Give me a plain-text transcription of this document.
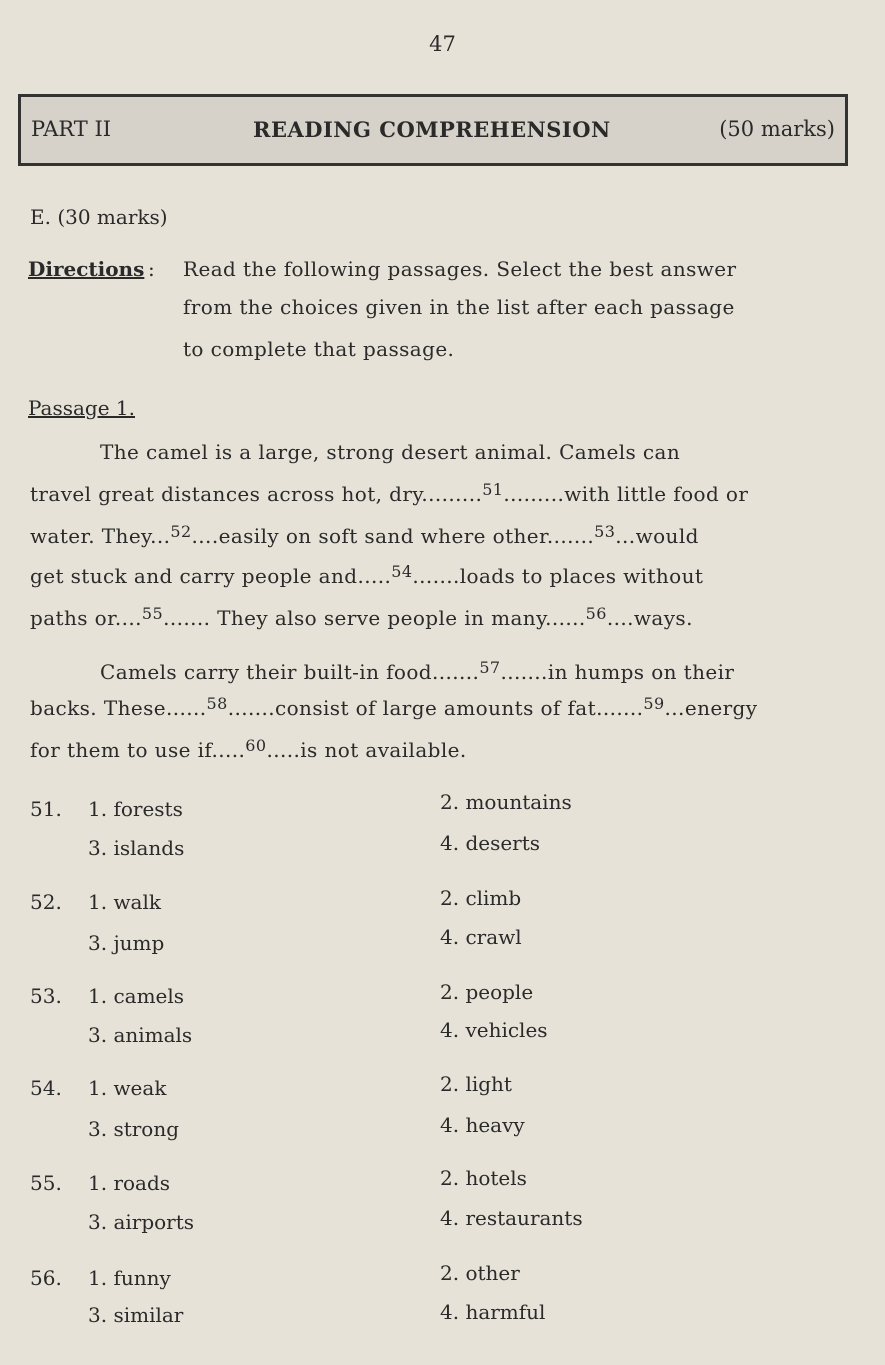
47
PART II	READING COMPREHENSION	(50 marks)
E. (30 marks)
Directions : Read the following passages. Select the best answer
from the choices given in the list after each passage
to complete that passage.
Passage 1.
The camel is a large, strong desert animal. Camels can
travel great distances across hot, dry.........$^{51}$.........with little food or
water. They...$^{52}$....easily on soft sand where other.......$^{53}$...would
get stuck and carry people and.....$^{54}$.......loads to places without
paths or....$^{55}$....... They also serve people in many......$^{56}$....ways.
Camels carry their built-in food.......$^{57}$.......in humps on their
backs. These......$^{58}$.......consist of large amounts of fat.......$^{59}$...energy
for them to use if.....$^{60}$.....is not available.
51. 1. forests	2. mountains
3. islands	4. deserts
52. 1. walk	2. climb
3. jump	4. crawl
53. 1. camels	2. people
3. animals	4. vehicles
54. 1. weak	2. light
3. strong	4. heavy
55. 1. roads	2. hotels
3. airports	4. restaurants
56. 1. funny	2. other
3. similar	4. harmful
